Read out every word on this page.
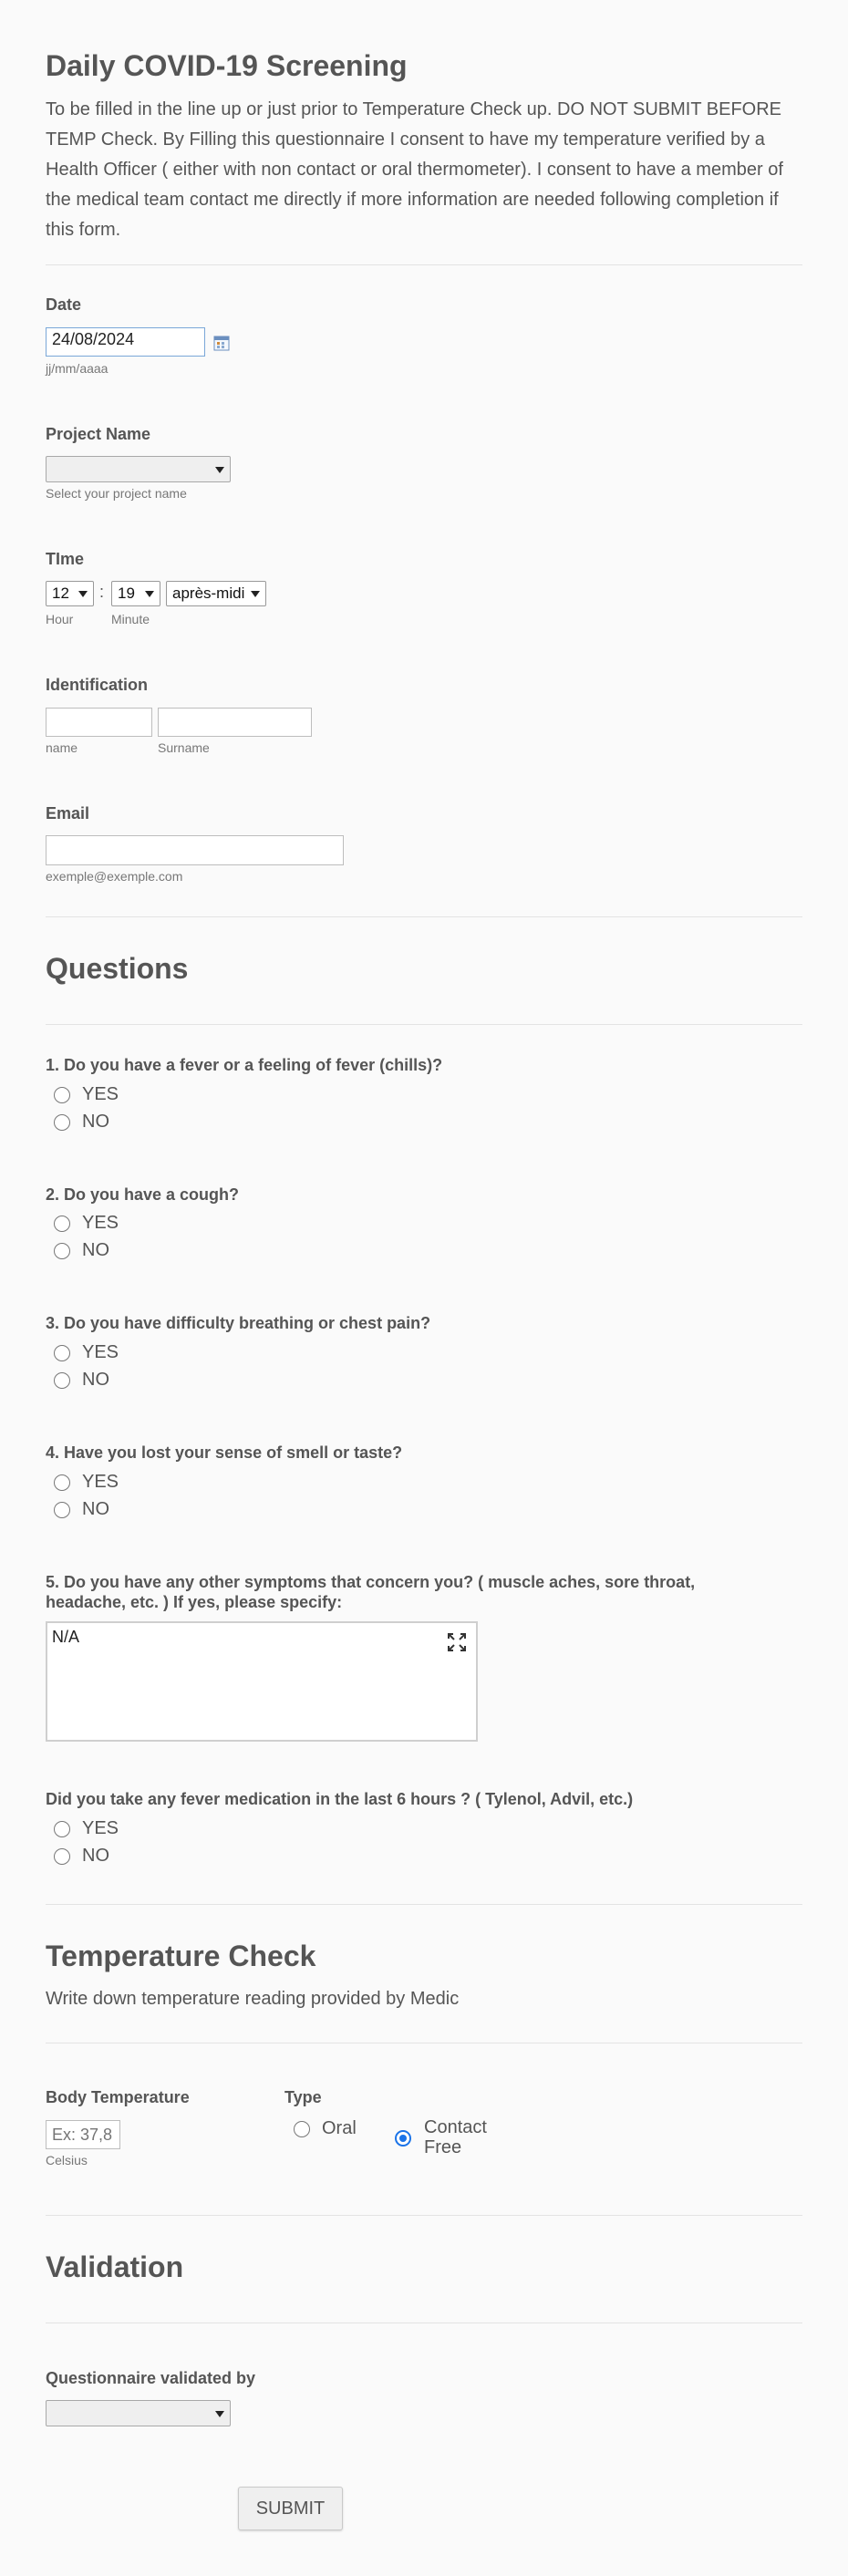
Daily COVID-19 Screening
To be filled in the line up or just prior to Temperature Check up. DO NOT SUBMIT BEFORE TEMP Check. By Filling this questionnaire I consent to have my temperature verified by a Health Officer ( either with non contact or oral thermometer). I consent to have a member of the medical team contact me directly if more information are needed following completion if this form.
Date
24/08/2024
jj/mm/aaaa
Project Name
Select your project name
TIme
12 : 19 après-midi
Hour	Minute
Identification
name	Surname
Email
exemple@exemple.com
Questions
1. Do you have a fever or a feeling of fever (chills)?
YES
NO
2. Do you have a cough?
YES
NO
3. Do you have difficulty breathing or chest pain?
YES
NO
4. Have you lost your sense of smell or taste?
YES
NO
5. Do you have any other symptoms that concern you? ( muscle aches, sore throat, headache, etc. ) If yes, please specify:
N/A
Did you take any fever medication in the last 6 hours ? ( Tylenol, Advil, etc.)
YES
NO
Temperature Check
Write down temperature reading provided by Medic
Body Temperature
Ex: 37,8
Celsius
Type
Oral	Contact
Free
Validation
Questionnaire validated by
SUBMIT
